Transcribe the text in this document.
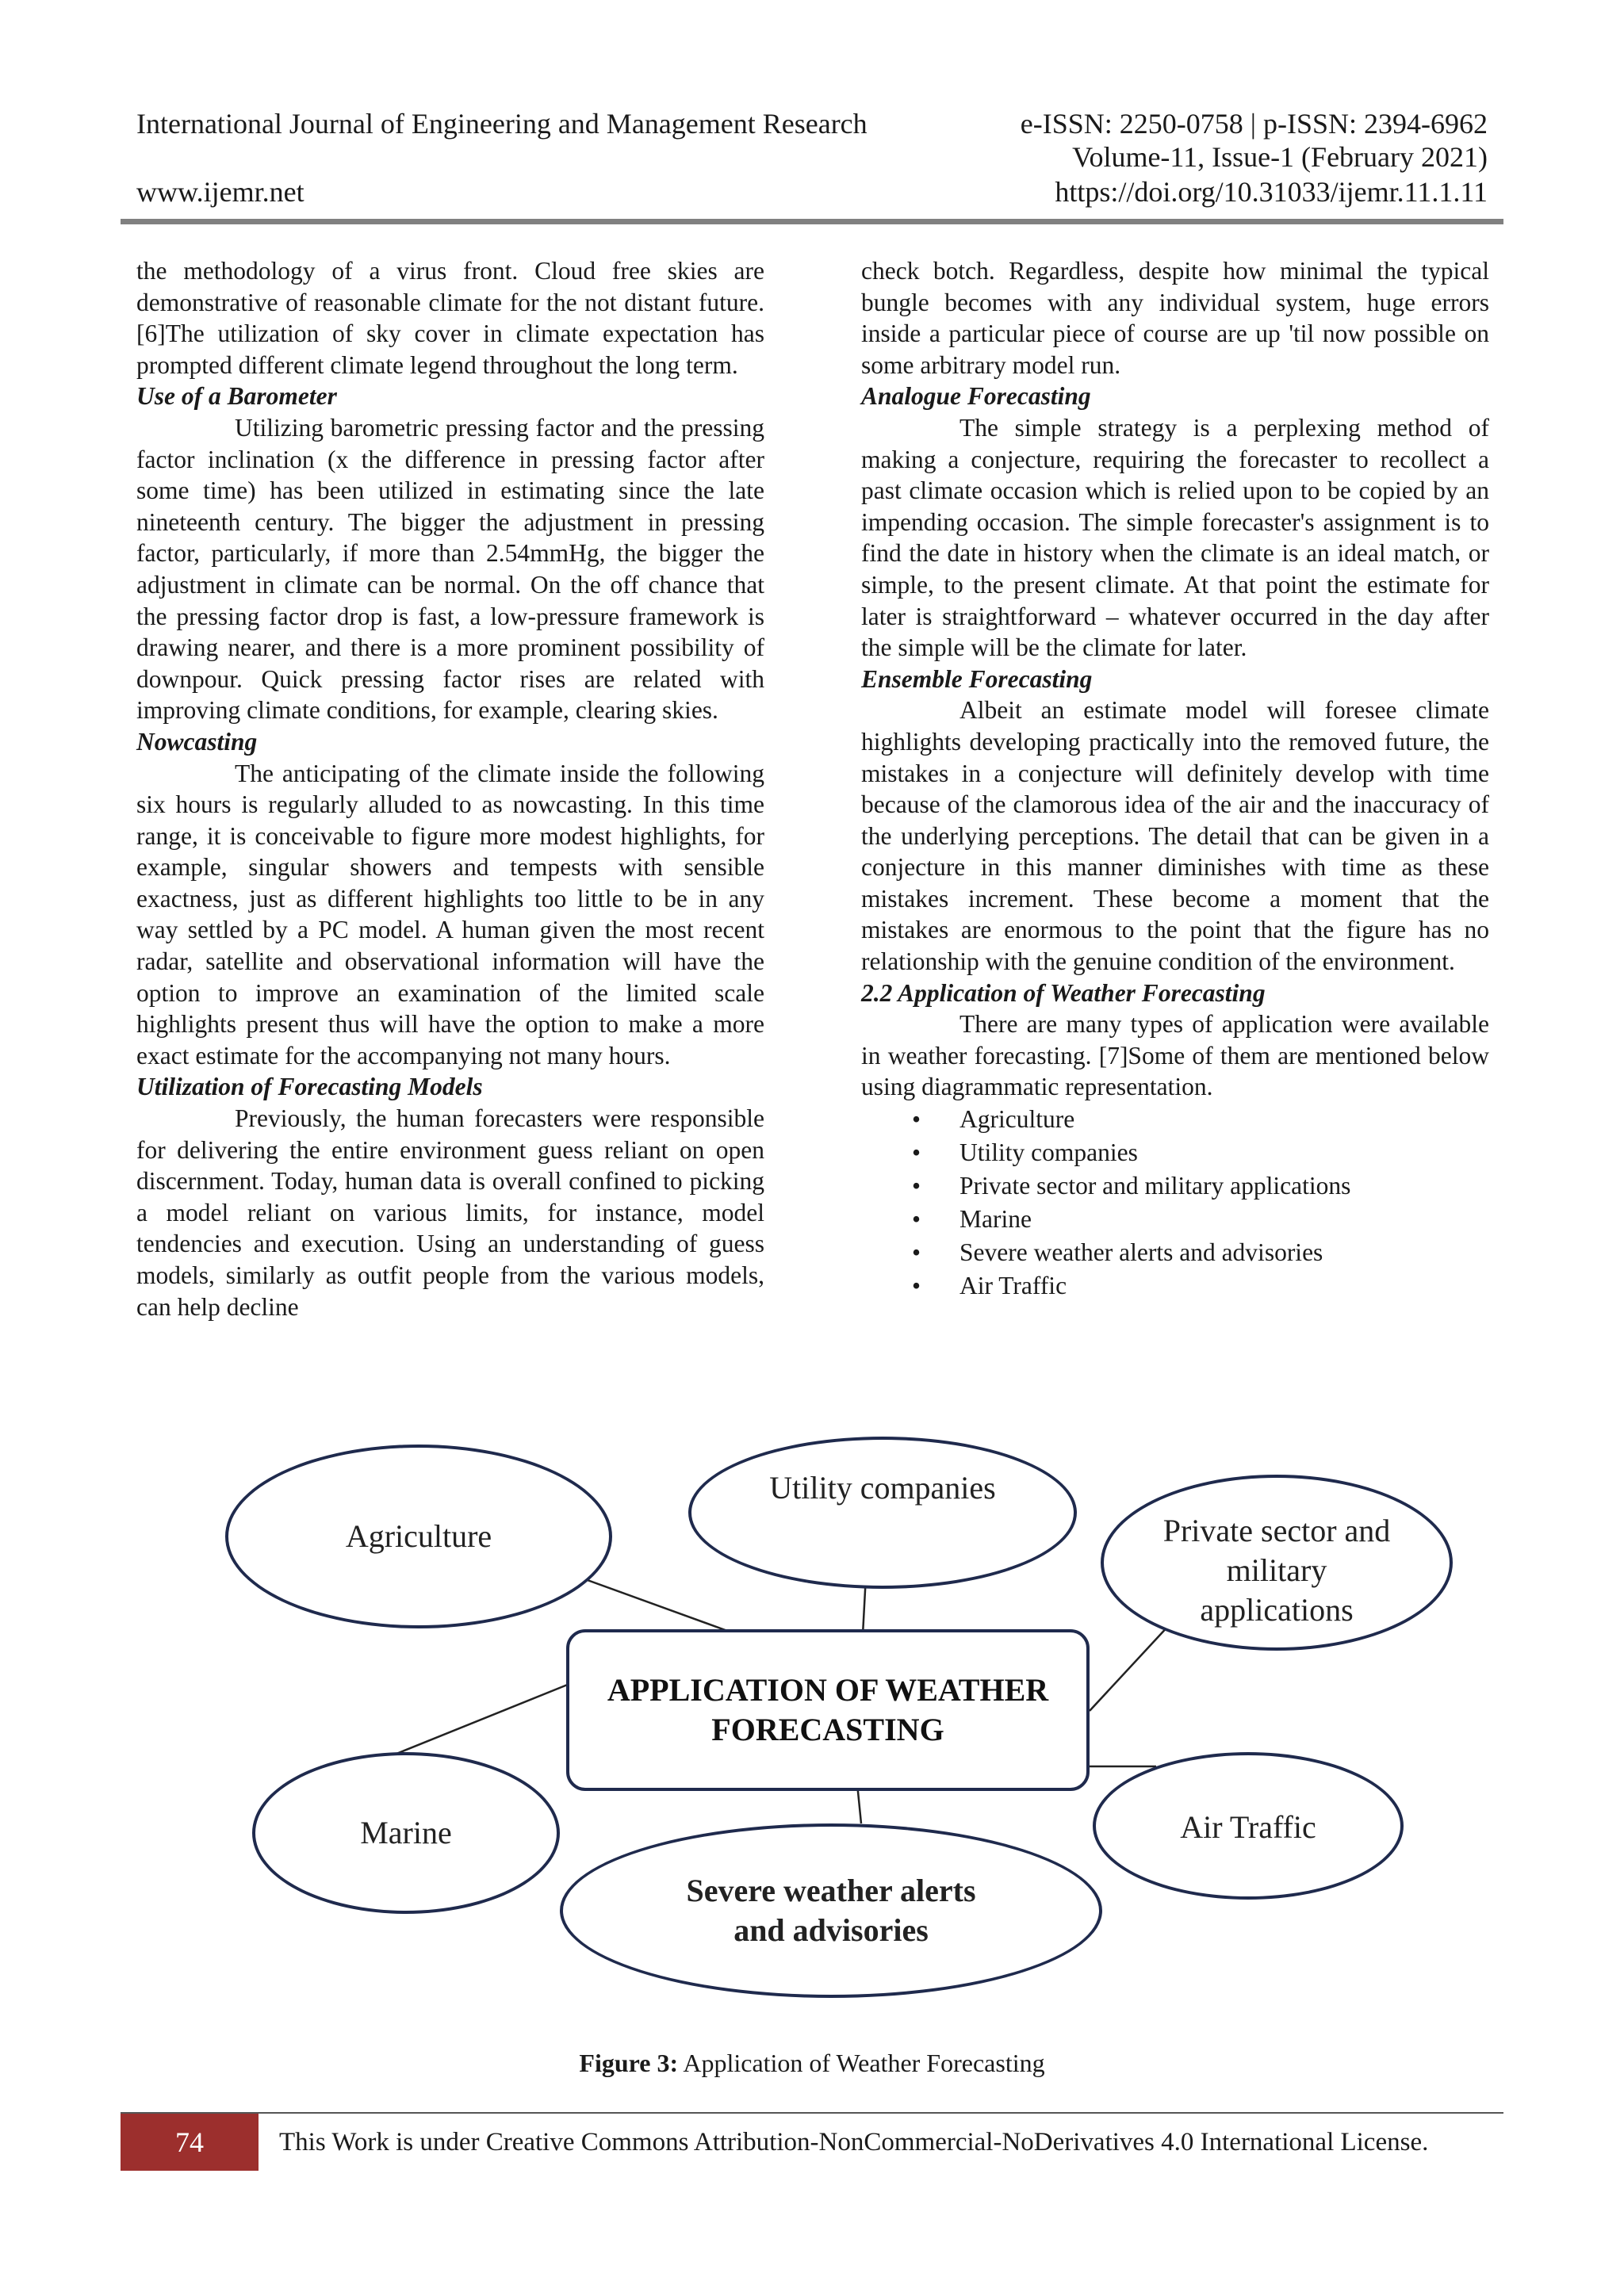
International Journal of Engineering and Management Research	e-ISSN: 2250-0758 | p-ISSN: 2394-6962
Volume-11, Issue-1 (February 2021)
www.ijemr.net	https://doi.org/10.31033/ijemr.11.1.11

the methodology of a virus front. Cloud free skies are demonstrative of reasonable climate for the not distant future. [6]The utilization of sky cover in climate expectation has prompted different climate legend throughout the long term.

Use of a Barometer

Utilizing barometric pressing factor and the pressing factor inclination (x the difference in pressing factor after some time) has been utilized in estimating since the late nineteenth century. The bigger the adjustment in pressing factor, particularly, if more than 2.54mmHg, the bigger the adjustment in climate can be normal. On the off chance that the pressing factor drop is fast, a low-pressure framework is drawing nearer, and there is a more prominent possibility of downpour. Quick pressing factor rises are related with improving climate conditions, for example, clearing skies.

Nowcasting

The anticipating of the climate inside the following six hours is regularly alluded to as nowcasting. In this time range, it is conceivable to figure more modest highlights, for example, singular showers and tempests with sensible exactness, just as different highlights too little to be in any way settled by a PC model. A human given the most recent radar, satellite and observational information will have the option to improve an examination of the limited scale highlights present thus will have the option to make a more exact estimate for the accompanying not many hours.

Utilization of Forecasting Models

Previously, the human forecasters were responsible for delivering the entire environment guess reliant on open discernment. Today, human data is overall confined to picking a model reliant on various limits, for instance, model tendencies and execution. Using an understanding of guess models, similarly as outfit people from the various models, can help decline

check botch. Regardless, despite how minimal the typical bungle becomes with any individual system, huge errors inside a particular piece of course are up 'til now possible on some arbitrary model run.

Analogue Forecasting

The simple strategy is a perplexing method of making a conjecture, requiring the forecaster to recollect a past climate occasion which is relied upon to be copied by an impending occasion. The simple forecaster's assignment is to find the date in history when the climate is an ideal match, or simple, to the present climate. At that point the estimate for later is straightforward – whatever occurred in the day after the simple will be the climate for later.

Ensemble Forecasting

Albeit an estimate model will foresee climate highlights developing practically into the removed future, the mistakes in a conjecture will definitely develop with time because of the clamorous idea of the air and the inaccuracy of the underlying perceptions. The detail that can be given in a conjecture in this manner diminishes with time as these mistakes increment. These become a moment that the mistakes are enormous to the point that the figure has no relationship with the genuine condition of the environment.

2.2 Application of Weather Forecasting

There are many types of application were available in weather forecasting. [7]Some of them are mentioned below using diagrammatic representation.

• Agriculture
• Utility companies
• Private sector and military applications
• Marine
• Severe weather alerts and advisories
• Air Traffic
Agriculture
Utility companies
Private sector and military applications
APPLICATION OF WEATHER FORECASTING
Marine	Air Traffic
Severe weather alerts and advisories
Figure 3: Application of Weather Forecasting
74	This Work is under Creative Commons Attribution-NonCommercial-NoDerivatives 4.0 International License.
